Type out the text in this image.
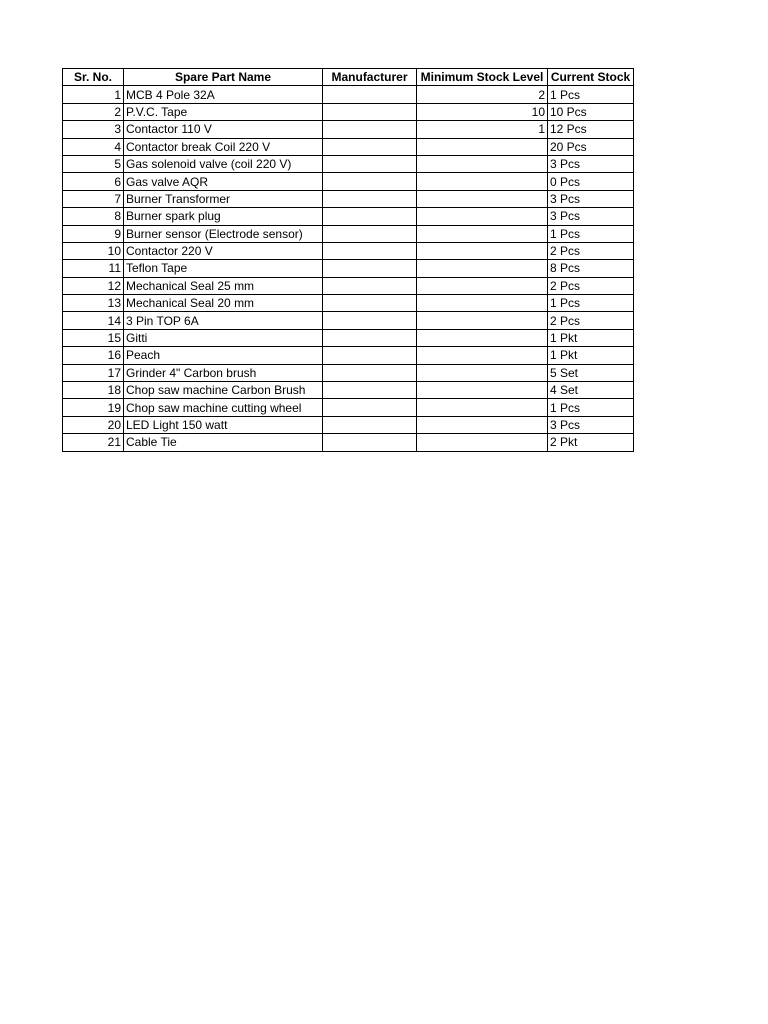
Sr. No.	Spare Part Name	Manufacturer	Minimum Stock Level	Current Stock
1	MCB 4 Pole 32A		2	1 Pcs
2	P.V.C. Tape		10	10 Pcs
3	Contactor 110 V		1	12 Pcs
4	Contactor break Coil 220 V			20 Pcs
5	Gas solenoid valve (coil 220 V)			3 Pcs
6	Gas valve AQR			0 Pcs
7	Burner Transformer			3 Pcs
8	Burner spark plug			3 Pcs
9	Burner sensor (Electrode sensor)			1 Pcs
10	Contactor 220 V			2 Pcs
11	Teflon Tape			8 Pcs
12	Mechanical Seal 25 mm			2 Pcs
13	Mechanical Seal 20 mm			1 Pcs
14	3 Pin TOP 6A			2 Pcs
15	Gitti			1 Pkt
16	Peach			1 Pkt
17	Grinder 4" Carbon brush			5 Set
18	Chop saw machine Carbon Brush			4 Set
19	Chop saw machine cutting wheel			1 Pcs
20	LED Light 150 watt			3 Pcs
21	Cable Tie			2 Pkt
